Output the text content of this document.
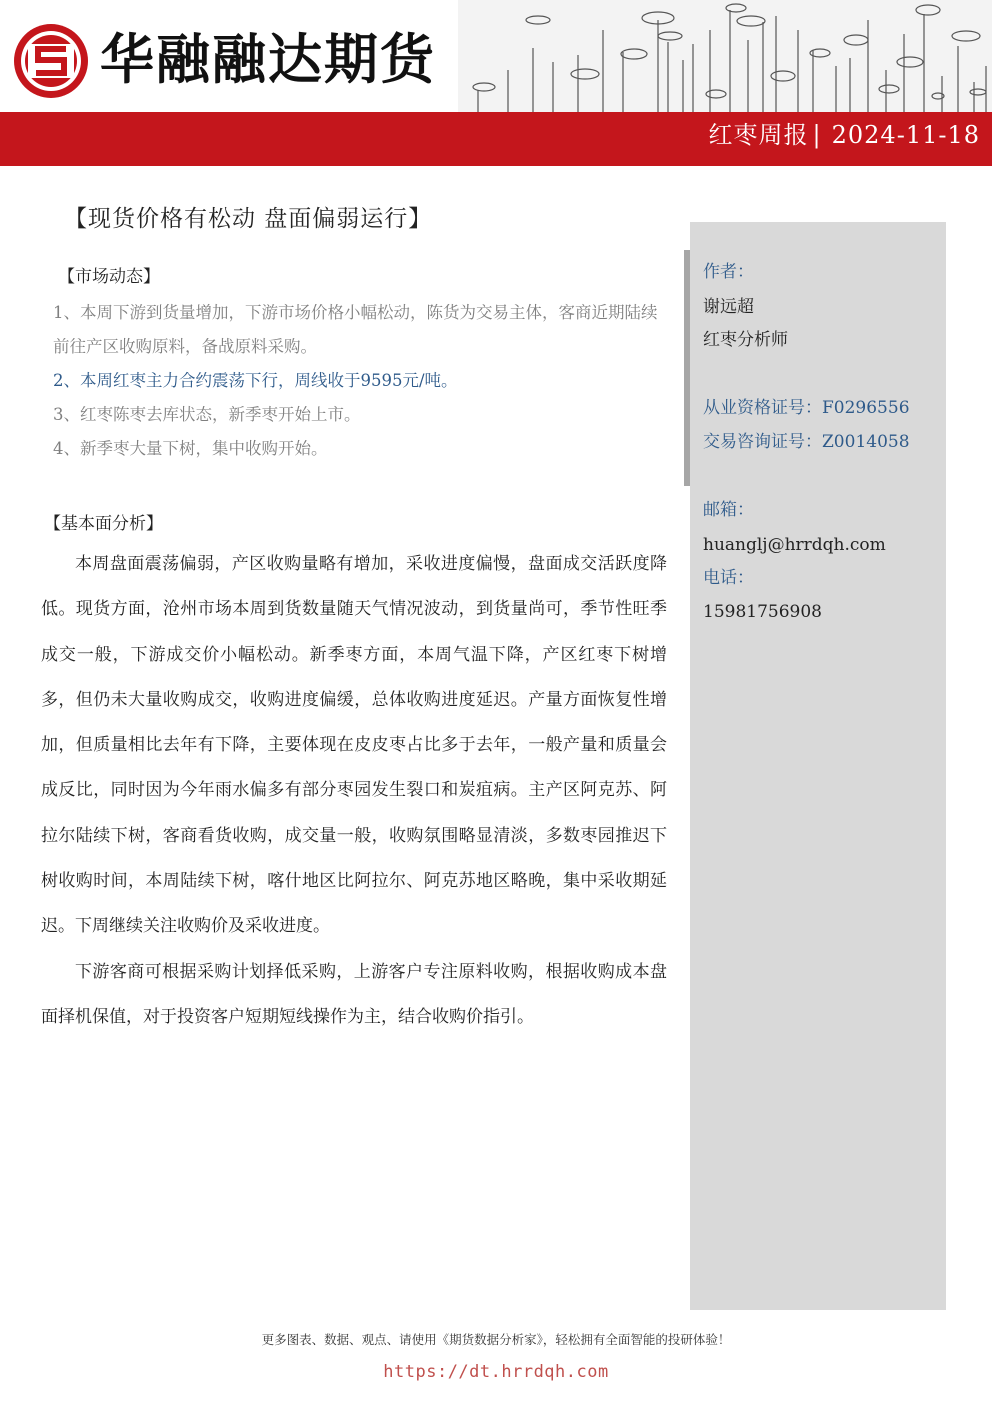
华融融达期货
红枣周报 | 2024-11-18
【现货价格有松动 盘面偏弱运行】
【市场动态】

1、本周下游到货量增加，下游市场价格小幅松动，陈货为交易主体，客商近期陆续前往产区收购原料，备战原料采购。

2、本周红枣主力合约震荡下行，周线收于9595元/吨。

3、红枣陈枣去库状态，新季枣开始上市。

4、新季枣大量下树，集中收购开始。

【基本面分析】

本周盘面震荡偏弱，产区收购量略有增加，采收进度偏慢，盘面成交活跃度降低。现货方面，沧州市场本周到货数量随天气情况波动，到货量尚可，季节性旺季成交一般，下游成交价小幅松动。新季枣方面，本周气温下降，产区红枣下树增多，但仍未大量收购成交，收购进度偏缓，总体收购进度延迟。产量方面恢复性增加，但质量相比去年有下降，主要体现在皮皮枣占比多于去年，一般产量和质量会成反比，同时因为今年雨水偏多有部分枣园发生裂口和炭疽病。主产区阿克苏、阿拉尔陆续下树，客商看货收购，成交量一般，收购氛围略显清淡，多数枣园推迟下树收购时间，本周陆续下树，喀什地区比阿拉尔、阿克苏地区略晚，集中采收期延迟。下周继续关注收购价及采收进度。

下游客商可根据采购计划择低采购，上游客户专注原料收购，根据收购成本盘面择机保值，对于投资客户短期短线操作为主，结合收购价指引。

作者：
谢远超
红枣分析师
从业资格证号：F0296556
交易咨询证号：Z0014058
邮箱：
huanglj@hrrdqh.com
电话：
15981756908
更多图表、数据、观点、请使用《期货数据分析家》，轻松拥有全面智能的投研体验！
https://dt.hrrdqh.com
